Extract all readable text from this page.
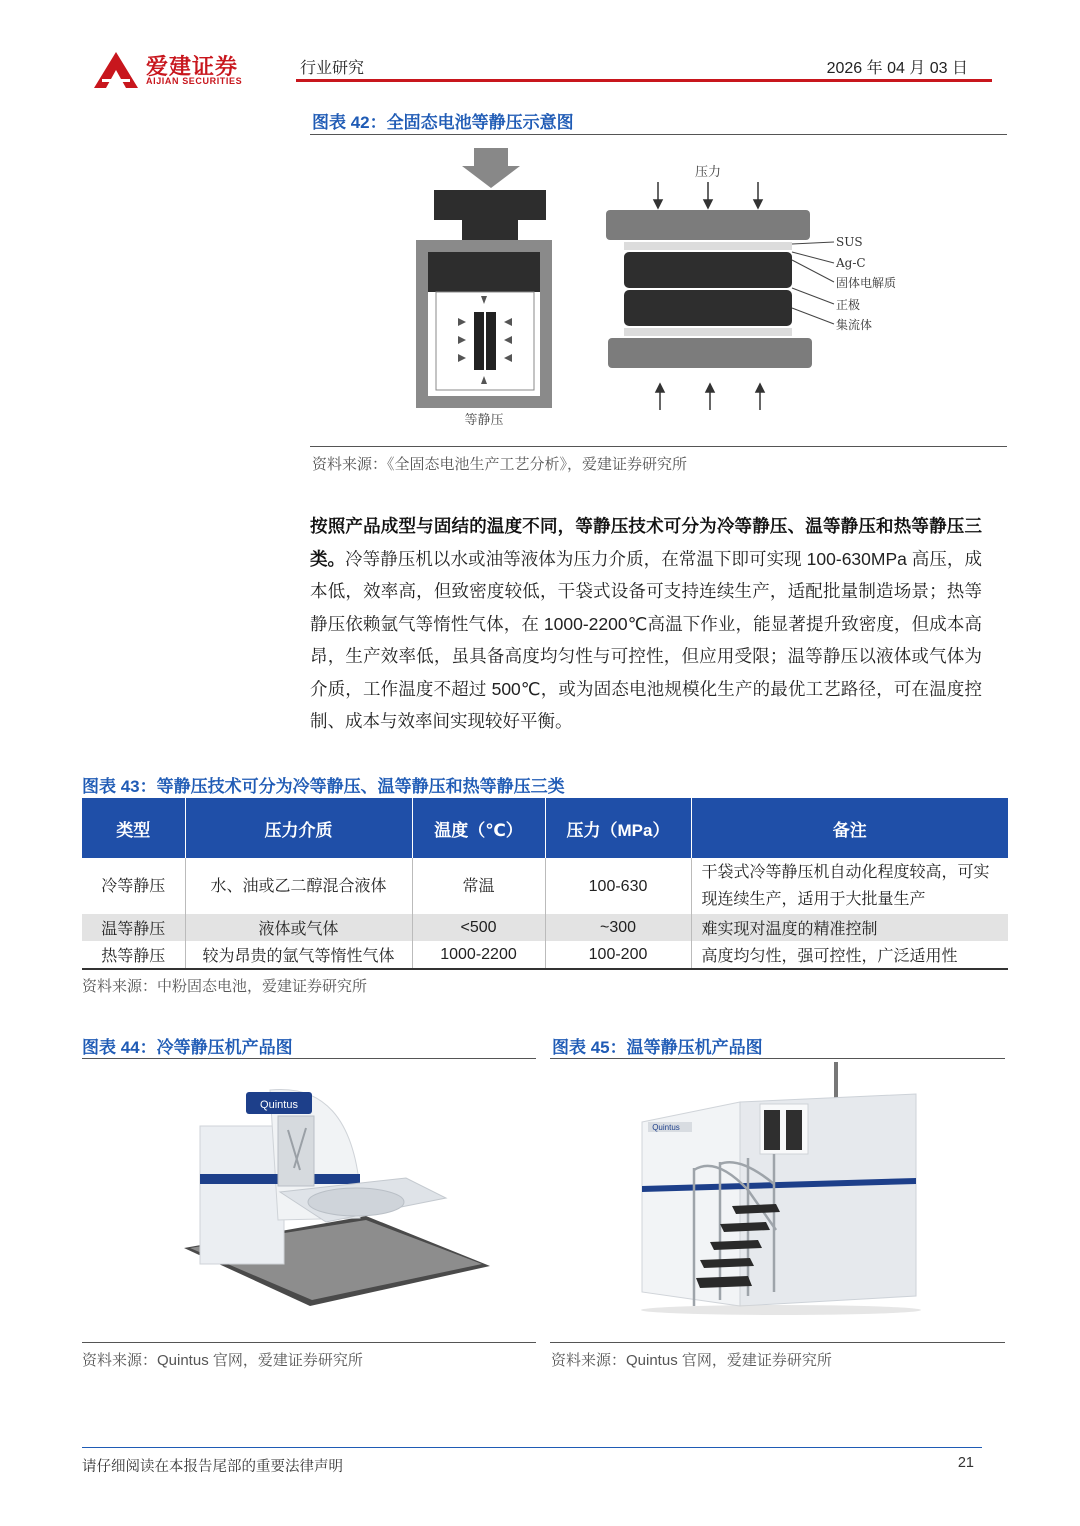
爱建证券
AIJIAN SECURITIES
行业研究	2026 年 04 月 03 日
图表 42：全固态电池等静压示意图
等静压
压力
SUS
Ag-C
固体电解质
正极
集流体
资料来源：《全固态电池生产工艺分析》，爱建证券研究所
按照产品成型与固结的温度不同，等静压技术可分为冷等静压、温等静压和热等静压三类。冷等静压机以水或油等液体为压力介质，在常温下即可实现 100-630MPa 高压，成本低，效率高，但致密度较低，干袋式设备可支持连续生产，适配批量制造场景；热等静压依赖氩气等惰性气体，在 1000-2200℃高温下作业，能显著提升致密度，但成本高昂，生产效率低，虽具备高度均匀性与可控性，但应用受限；温等静压以液体或气体为介质，工作温度不超过 500℃，或为固态电池规模化生产的最优工艺路径，可在温度控制、成本与效率间实现较好平衡。
图表 43：等静压技术可分为冷等静压、温等静压和热等静压三类
类型	压力介质	温度（℃）	压力（MPa）	备注
冷等静压	水、油或乙二醇混合液体	常温	100-630	干袋式冷等静压机自动化程度较高，可实现连续生产，适用于大批量生产
温等静压	液体或气体	<500	~300	难实现对温度的精准控制
热等静压	较为昂贵的氩气等惰性气体	1000-2200	100-200	高度均匀性，强可控性，广泛适用性
资料来源：中粉固态电池，爱建证券研究所
图表 44：冷等静压机产品图
Quintus
资料来源：Quintus 官网，爱建证券研究所
图表 45：温等静压机产品图
Quintus
资料来源：Quintus 官网，爱建证券研究所
请仔细阅读在本报告尾部的重要法律声明	21
